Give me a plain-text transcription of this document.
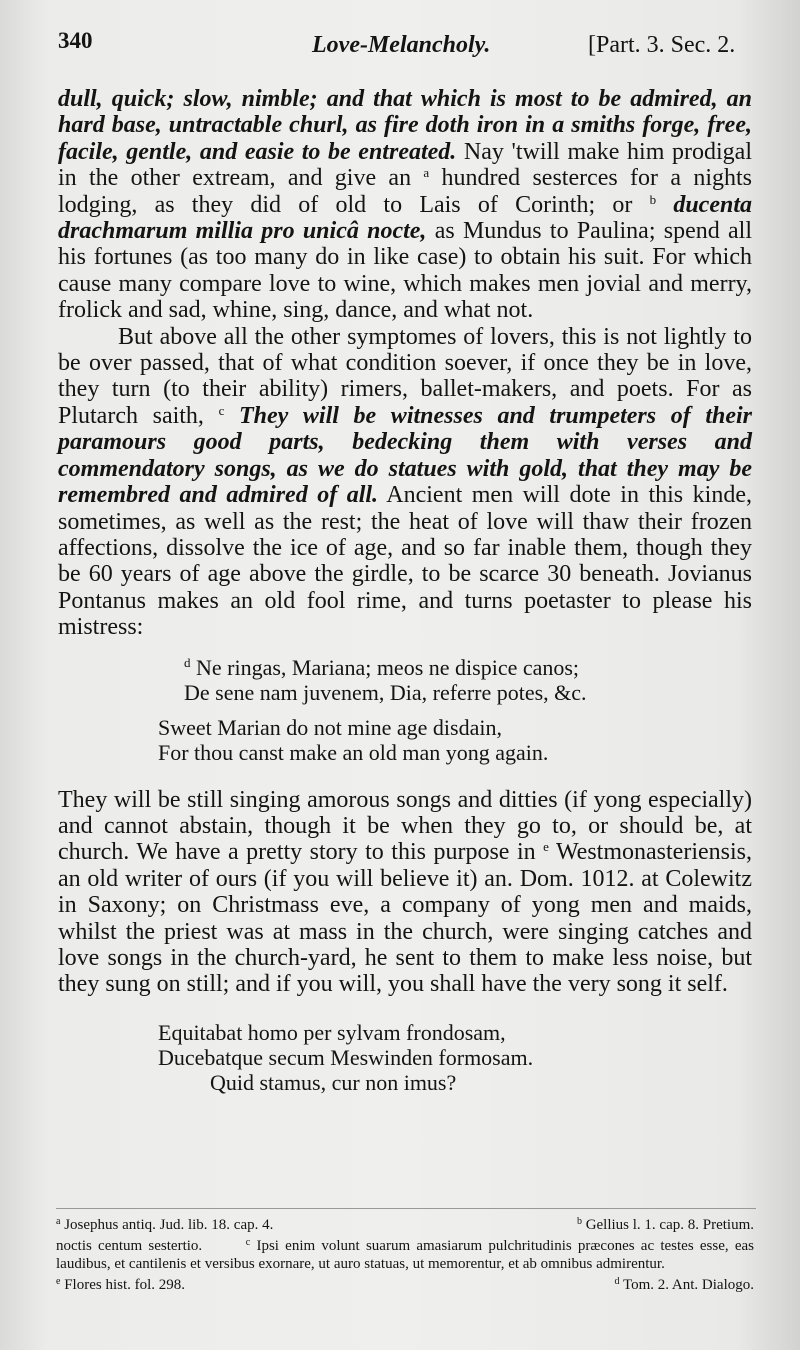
340	Love-Melancholy.	[Part. 3. Sec. 2.

dull, quick; slow, nimble; and that which is most to be admired, an hard base, untractable churl, as fire doth iron in a smiths forge, free, facile, gentle, and easie to be entreated. Nay 'twill make him prodigal in the other extream, and give an $^a$ hundred sesterces for a nights lodging, as they did of old to Lais of Corinth; or $^b$ ducenta drachmarum millia pro unicâ nocte, as Mundus to Paulina; spend all his fortunes (as too many do in like case) to obtain his suit. For which cause many compare love to wine, which makes men jovial and merry, frolick and sad, whine, sing, dance, and what not.

But above all the other symptomes of lovers, this is not lightly to be over passed, that of what condition soever, if once they be in love, they turn (to their ability) rimers, ballet-makers, and poets. For as Plutarch saith, $^c$ They will be witnesses and trumpeters of their paramours good parts, bedecking them with verses and commendatory songs, as we do statues with gold, that they may be remembred and admired of all. Ancient men will dote in this kinde, sometimes, as well as the rest; the heat of love will thaw their frozen affections, dissolve the ice of age, and so far inable them, though they be 60 years of age above the girdle, to be scarce 30 beneath. Jovianus Pontanus makes an old fool rime, and turns poetaster to please his mistress:

$^d$ Ne ringas, Mariana; meos ne dispice canos;
De sene nam juvenem, Dia, referre potes, &c.
Sweet Marian do not mine age disdain,
For thou canst make an old man yong again.

They will be still singing amorous songs and ditties (if yong especially) and cannot abstain, though it be when they go to, or should be, at church. We have a pretty story to this purpose in $^e$ Westmonasteriensis, an old writer of ours (if you will believe it) an. Dom. 1012. at Colewitz in Saxony; on Christmass eve, a company of yong men and maids, whilst the priest was at mass in the church, were singing catches and love songs in the church-yard, he sent to them to make less noise, but they sung on still; and if you will, you shall have the very song it self.

Equitabat homo per sylvam frondosam,
Ducebatque secum Meswinden formosam.
Quid stamus, cur non imus?
$^a$ Josephus antiq. Jud. lib. 18. cap. 4.	$^b$ Gellius l. 1. cap. 8. Pretium.
noctis centum sestertio.	$^c$ Ipsi enim volunt suarum amasiarum pulchritudinis præcones ac testes esse, eas laudibus, et cantilenis et versibus exornare, ut auro statuas, ut memorentur, et ab omnibus admirentur.
$^d$ Tom. 2. Ant. Dialogo.
$^e$ Flores hist. fol. 298.
